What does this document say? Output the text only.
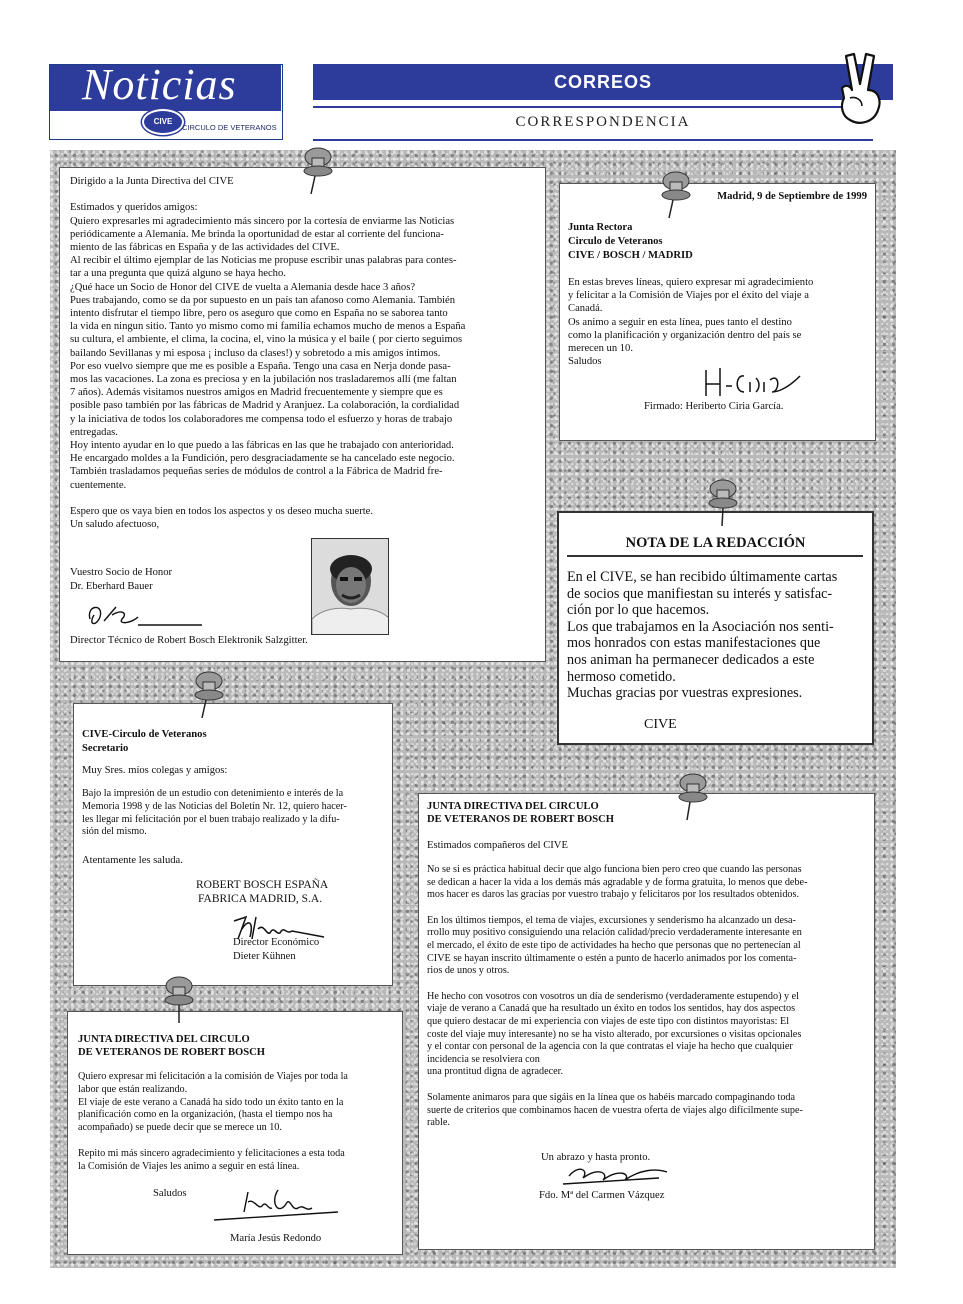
Noticias
CIVE
CIRCULO DE VETERANOS
CORREOS
CORRESPONDENCIA

Dirigido a la Junta Directiva del CIVE

Estimados y queridos amigos:

Quiero expresarles mi agradecimiento más sincero por la cortesía de enviarme las Noticias

periódicamente a Alemania. Me brinda la oportunidad de estar al corriente del funciona-

miento de las fábricas en España y de las actividades del CIVE.

Al recibir el último ejemplar de las Noticias me propuse escribir unas palabras para contes-

tar a una pregunta que quizá alguno se haya hecho.

¿Qué hace un Socio de Honor del CIVE de vuelta a Alemania desde hace 3 años?

Pues trabajando, como se da por supuesto en un país tan afanoso como Alemania. También

intento disfrutar el tiempo libre, pero os aseguro que como en España no se saborea tanto

la vida en ningun sitio. Tanto yo mismo como mi familia echamos mucho de menos a España

su cultura, el ambiente, el clima, la cocina, el, vino la música y el baile ( por cierto seguimos

bailando Sevillanas y mi esposa ¡ incluso da clases!) y sobretodo a mis amigos íntimos.

Por eso vuelvo siempre que me es posible a España. Tengo una casa en Nerja donde pasa-

mos las vacaciones. La zona es preciosa y en la jubilación nos trasladaremos allí (me faltan

7 años). Además visitamos nuestros amigos en Madrid frecuentemente y siempre que es

posible paso también por las fábricas de Madrid y Aranjuez. La colaboración, la cordialidad

y la iniciativa de todos los colaboradores me compensa todo el esfuerzo y horas de trabajo

entregadas.

Hoy intento ayudar en lo que puedo a las fábricas en las que he trabajado con anterioridad.

He encargado moldes a la Fundición, pero desgraciadamente se ha cancelado este negocio.

También trasladamos pequeñas series de módulos de control a la Fábrica de Madrid fre-

cuentemente.

Espero que os vaya bien en todos los aspectos y os deseo mucha suerte.

Un saludo afectuoso,

Vuestro Socio de Honor

Dr. Eberhard Bauer

Director Técnico de Robert Bosch Elektronik Salzgitter.

Madrid, 9 de Septiembre de 1999

Junta Rectora

Circulo de Veteranos

CIVE / BOSCH / MADRID

En estas breves líneas, quiero expresar mi agradecimiento

y felicitar a la Comisión de Viajes por el éxito del viaje a

Canadá.

Os animo a seguir en esta línea, pues tanto el destino

como la planificación y organización dentro del país se

merecen un 10.

Saludos

Firmado: Heriberto Ciria García.

NOTA DE LA REDACCIÓN

En el CIVE, se han recibido últimamente cartas

de socios que manifiestan su interés y satisfac-

ción por lo que hacemos.

Los que trabajamos en la Asociación nos senti-

mos honrados con estas manifestaciones que

nos animan ha permanecer dedicados a este

hermoso cometido.

Muchas gracias por vuestras expresiones.

CIVE

CIVE-Circulo de Veteranos

Secretario

Muy Sres. míos colegas y amigos:

Bajo la impresión de un estudio con detenimiento e interés de la

Memoria 1998 y de las Noticias del Boletín Nr. 12, quiero hacer-

les llegar mi felicitación por el buen trabajo realizado y la difu-

sión del mismo.

Atentamente les saluda.

ROBERT BOSCH ESPAÑA

FABRICA MADRID, S.A.

Director Económico

Dieter Kühnen

JUNTA DIRECTIVA DEL CIRCULO

DE VETERANOS DE ROBERT BOSCH

Quiero expresar mi felicitación a la comisión de Viajes por toda la

labor que están realizando.

El viaje de este verano a Canadá ha sido todo un éxito tanto en la

planificación como en la organización, (hasta el tiempo nos ha

acompañado) se puede decir que se merece un 10.

Repito mi más sincero agradecimiento y felicitaciones a esta toda

la Comisión de Viajes les animo a seguir en está línea.

Saludos

María Jesús Redondo

JUNTA DIRECTIVA DEL CIRCULO

DE VETERANOS DE ROBERT BOSCH

Estimados compañeros del CIVE

No se si es práctica habitual decir que algo funciona bien pero creo que cuando las personas

se dedican a hacer la vida a los demás más agradable y de forma gratuita, lo menos que debe-

mos hacer es daros las gracias por vuestro trabajo y felicitaros por los resultados obtenidos.

En los últimos tiempos, el tema de viajes, excursiones y senderismo ha alcanzado un desa-

rrollo muy positivo consiguiendo una relación calidad/precio verdaderamente interesante en

el mercado, el éxito de este tipo de actividades ha hecho que personas que no pertenecían al

CIVE se hayan inscrito últimamente o estén a punto de hacerlo animados por los comenta-

rios de unos y otros.

He hecho con vosotros con vosotros un día de senderismo (verdaderamente estupendo) y el

viaje de verano a Canadá que ha resultado un éxito en todos los sentidos, hay dos aspectos

que quiero destacar de mi experiencia con viajes de este tipo con distintos mayoristas: El

coste del viaje muy interesante) no se ha visto alterado, por excursiones o visitas opcionales

y el contar con personal de la agencia con la que contratas el viaje ha hecho que cualquier

incidencia se resolviera con

una prontitud digna de agradecer.

Solamente animaros para que sigáis en la línea que os habéis marcado compaginando toda

suerte de criterios que combinamos hacen de vuestra oferta de viajes algo difícilmente supe-

rable.

Un abrazo y hasta pronto.

Fdo. Mª del Carmen Vázquez
